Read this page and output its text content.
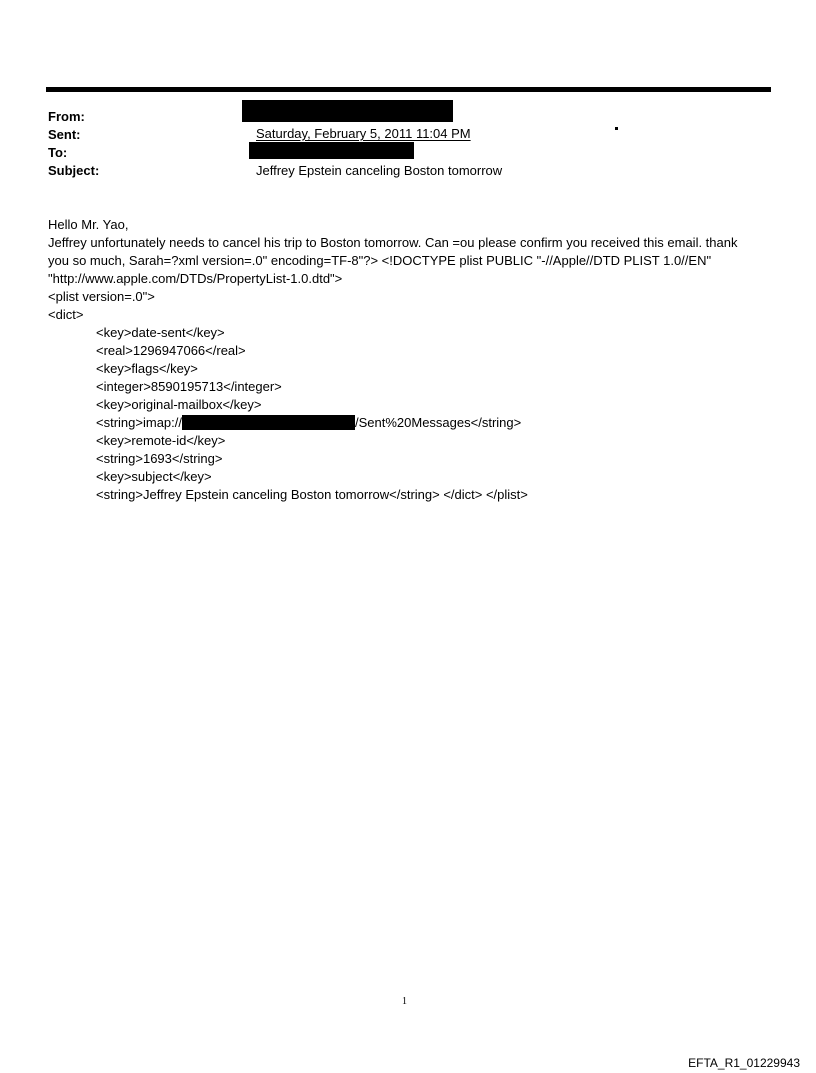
From:
Sent:	Saturday, February 5, 2011 11:04 PM
To:
Subject:	Jeffrey Epstein canceling Boston tomorrow
Hello Mr. Yao,
Jeffrey unfortunately needs to cancel his trip to Boston tomorrow. Can =ou please confirm you received this email. thank
you so much, Sarah=?xml version=.0" encoding=TF-8"?> <!DOCTYPE plist PUBLIC "-//Apple//DTD PLIST 1.0//EN"
"http://www.apple.com/DTDs/PropertyList-1.0.dtd">
<plist version=.0">
<dict>
<key>date-sent</key>
<real>1296947066</real>
<key>flags</key>
<integer>8590195713</integer>
<key>original-mailbox</key>
<string>imap://	/Sent%20Messages</string>
<key>remote-id</key>
<string>1693</string>
<key>subject</key>
<string>Jeffrey Epstein canceling Boston tomorrow</string> </dict> </plist>
1
EFTA_R1_01229943
